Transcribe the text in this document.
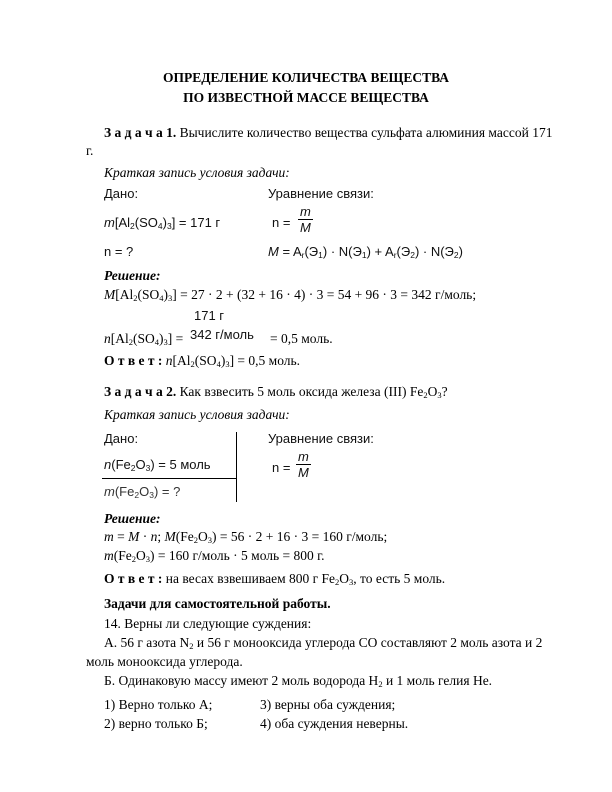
ОПРЕДЕЛЕНИЕ КОЛИЧЕСТВА ВЕЩЕСТВА
ПО ИЗВЕСТНОЙ МАССЕ ВЕЩЕСТВА
З а д а ч а 1. Вычислите количество вещества сульфата алюминия массой 171
г.
Краткая запись условия задачи:
Дано:	Уравнение связи:
$m[Al_2(SO_4)_3] = 171$ г	$n = \frac{m}{M}$
n = ?	$M = A_r(Э_1) \cdot N(Э_1) + A_r(Э_2) \cdot N(Э_2)$
Решение:
$M[Al_2(SO_4)_3] = 27 \cdot 2 + (32 + 16 \cdot 4) \cdot 3 = 54 + 96 \cdot 3 = 342$ г/моль;
171 г
$n[Al_2(SO_4)_3] = 342$ г/моль = 0,5 моль.
О т в е т : $n[Al_2(SO_4)_3] = 0,5$ моль.
З а д а ч а 2. Как взвесить 5 моль оксида железа (III) $Fe_2O_3$?
Краткая запись условия задачи:
Дано:	Уравнение связи:
$n(Fe_2O_3) = 5$ моль
$m(Fe_2O_3)$ = ?
$n = \frac{m}{M}$
Решение:
m = M · n; $M(Fe_2O_3) = 56 \cdot 2 + 16 \cdot 3 = 160$ г/моль;
$m(Fe_2O_3) = 160$ г/моль · 5 моль = 800 г.
О т в е т : на весах взвешиваем 800 г $Fe_2O_3$, то есть 5 моль.
Задачи для самостоятельной работы.
14. Верны ли следующие суждения:
А. 56 г азота $N_2$ и 56 г монооксида углерода СО составляют 2 моль азота и 2
моль монооксида углерода.
Б. Одинаковую массу имеют 2 моль водорода $H_2$ и 1 моль гелия He.
1) Верно только А;	3) верны оба суждения;
2) верно только Б;	4) оба суждения неверны.
